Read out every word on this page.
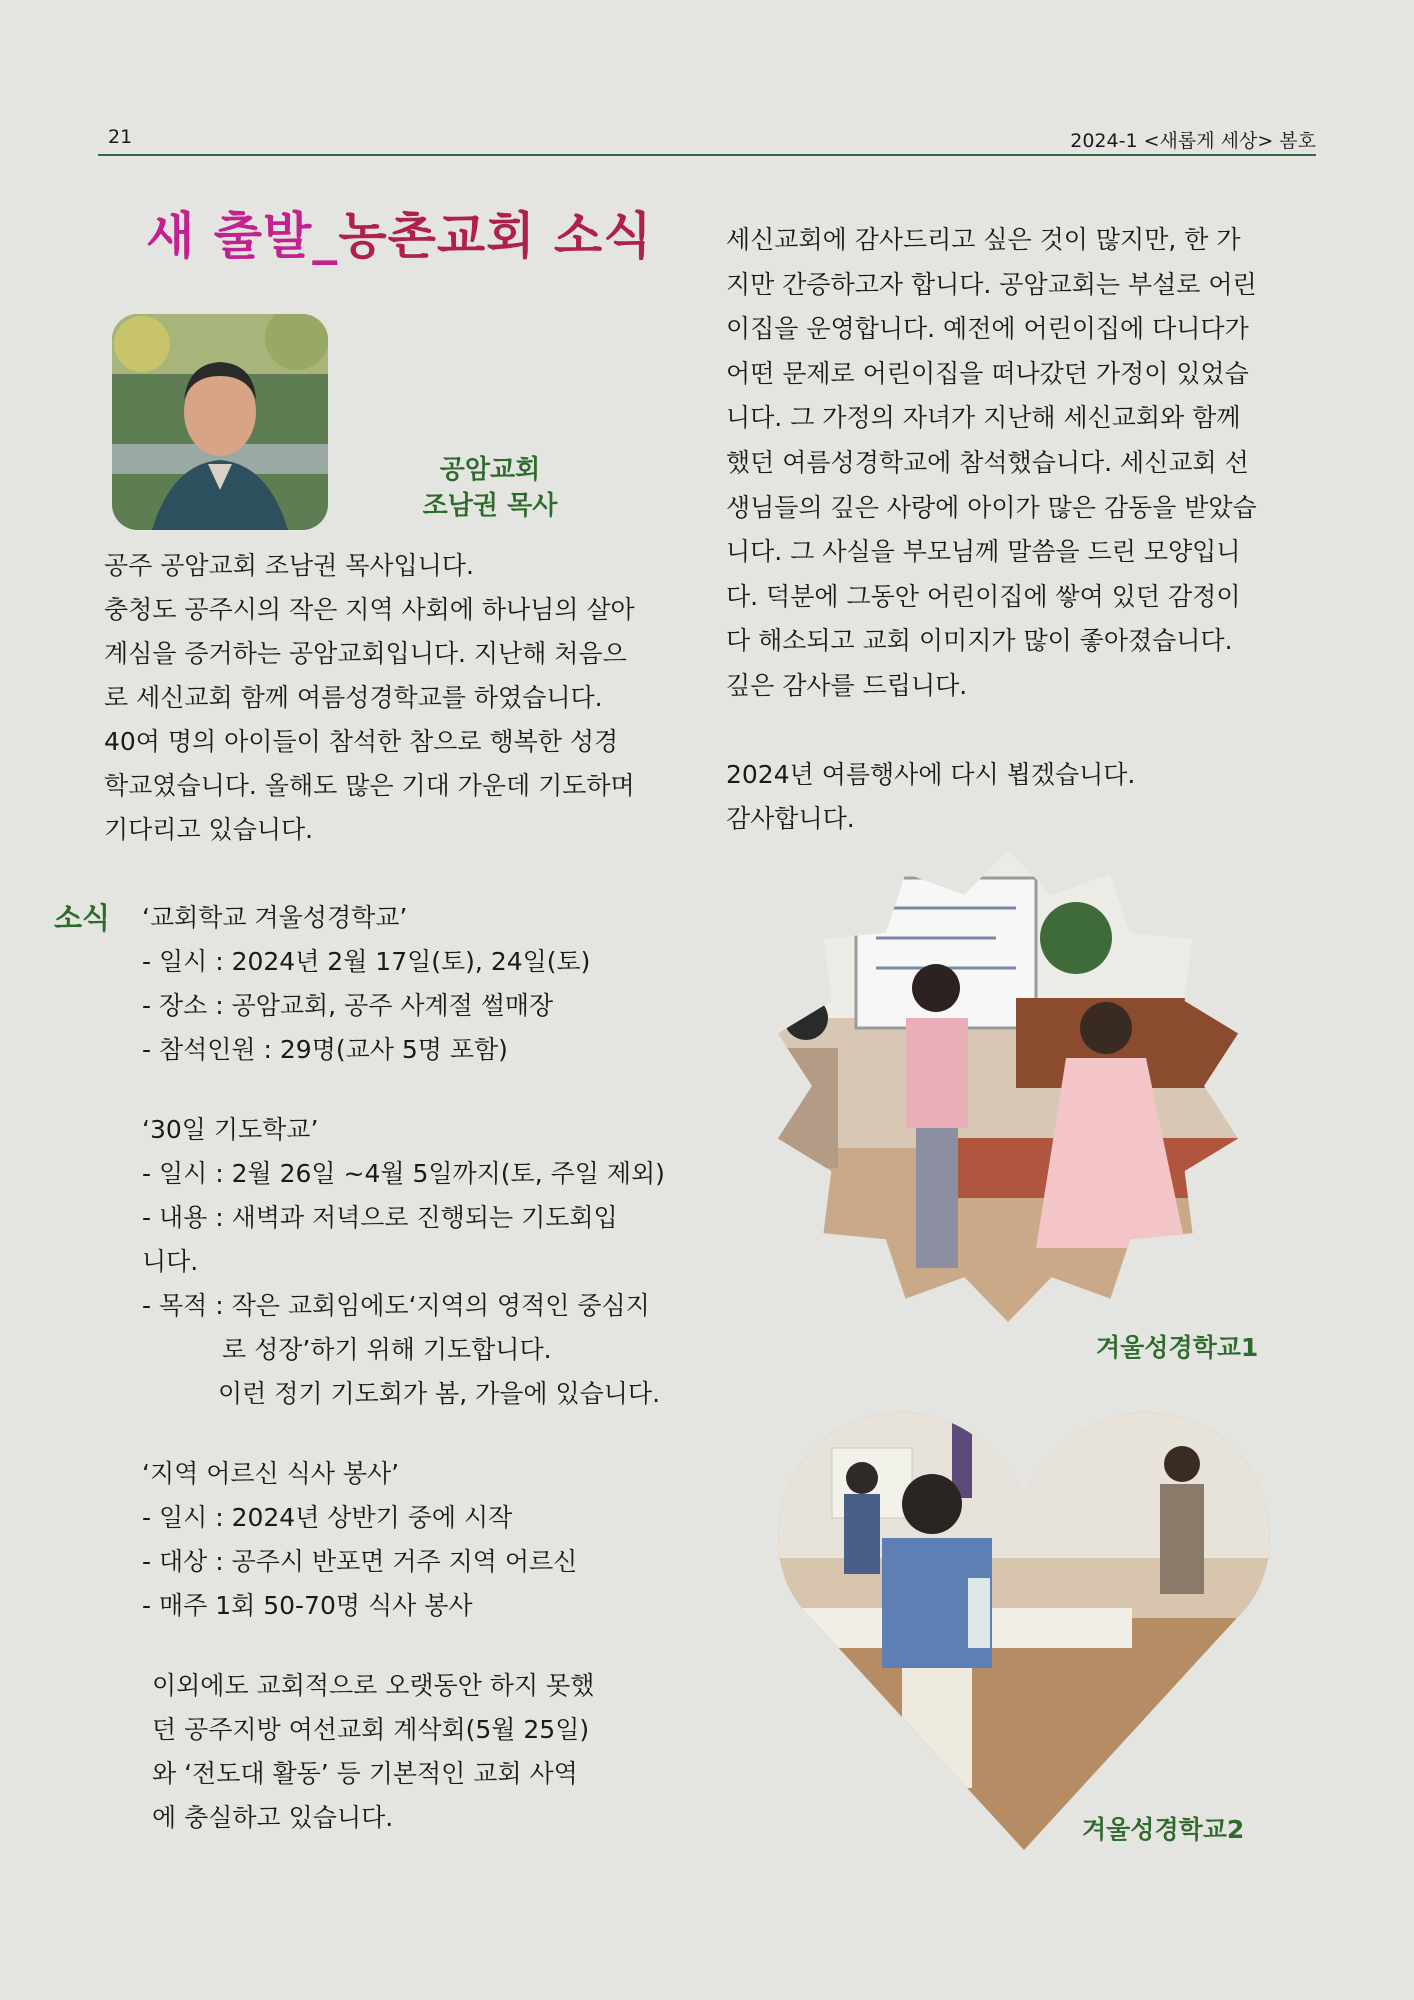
21	2024-1 <새롭게 세상> 봄호
새 출발_농촌교회 소식
공암교회
조남권 목사
공주 공암교회 조남권 목사입니다.
충청도 공주시의 작은 지역 사회에 하나님의 살아
계심을 증거하는 공암교회입니다. 지난해 처음으
로 세신교회 함께 여름성경학교를 하였습니다.
40여 명의 아이들이 참석한 참으로 행복한 성경
학교였습니다. 올해도 많은 기대 가운데 기도하며
기다리고 있습니다.
소식 ‘교회학교 겨울성경학교’
- 일시 : 2024년 2월 17일(토), 24일(토)
- 장소 : 공암교회, 공주 사계절 썰매장
- 참석인원 : 29명(교사 5명 포함)
‘30일 기도학교’
- 일시 : 2월 26일 ~4월 5일까지(토, 주일 제외)
- 내용 : 새벽과 저녁으로 진행되는 기도회입
니다.
- 목적 : 작은 교회임에도‘지역의 영적인 중심지
로 성장’하기 위해 기도합니다.
이런 정기 기도회가 봄, 가을에 있습니다.
‘지역 어르신 식사 봉사’
- 일시 : 2024년 상반기 중에 시작
- 대상 : 공주시 반포면 거주 지역 어르신
- 매주 1회 50-70명 식사 봉사
이외에도 교회적으로 오랫동안 하지 못했
던 공주지방 여선교회 계삭회(5월 25일)
와 ‘전도대 활동’ 등 기본적인 교회 사역
에 충실하고 있습니다.
세신교회에 감사드리고 싶은 것이 많지만, 한 가
지만 간증하고자 합니다. 공암교회는 부설로 어린
이집을 운영합니다. 예전에 어린이집에 다니다가
어떤 문제로 어린이집을 떠나갔던 가정이 있었습
니다. 그 가정의 자녀가 지난해 세신교회와 함께
했던 여름성경학교에 참석했습니다. 세신교회 선
생님들의 깊은 사랑에 아이가 많은 감동을 받았습
니다. 그 사실을 부모님께 말씀을 드린 모양입니
다. 덕분에 그동안 어린이집에 쌓여 있던 감정이
다 해소되고 교회 이미지가 많이 좋아졌습니다.
깊은 감사를 드립니다.
2024년 여름행사에 다시 뵙겠습니다.
감사합니다.
겨울성경학교1
겨울성경학교2
